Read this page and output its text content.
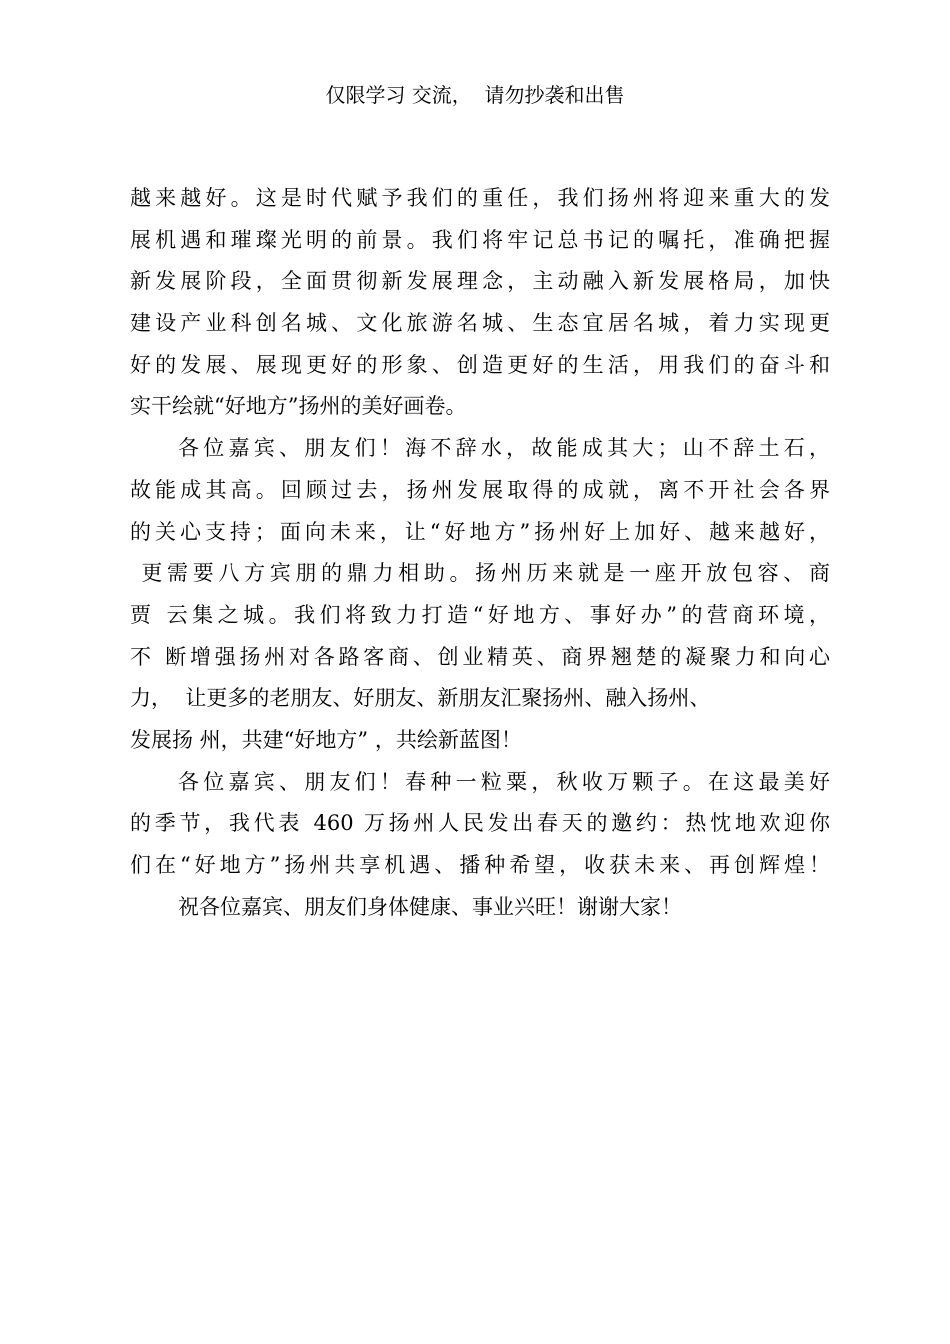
仅限学习 交流，  请勿抄袭和出售
越来越好。这是时代赋予我们的重任，我们扬州将迎来重大的发
展机遇和璀璨光明的前景。我们将牢记总书记的嘱托，准确把握
新发展阶段，全面贯彻新发展理念，主动融入新发展格局，加快
建设产业科创名城、文化旅游名城、生态宜居名城，着力实现更
好的发展、展现更好的形象、创造更好的生活，用我们的奋斗和
实干绘就“好地方”扬州的美好画卷。
各位嘉宾、朋友们！海不辞水，故能成其大；山不辞土石，
故能成其高。回顾过去，扬州发展取得的成就，离不开社会各界
的关心支持；面向未来，让“好地方”扬州好上加好、越来越好，
更需要八方宾朋的鼎力相助。扬州历来就是一座开放包容、商
贾 云集之城。我们将致力打造“好地方、事好办”的营商环境，
不 断增强扬州对各路客商、创业精英、商界翘楚的凝聚力和向心
力，  让更多的老朋友、好朋友、新朋友汇聚扬州、融入扬州、
发展扬 州，共建“好地方” ，共绘新蓝图！
各位嘉宾、朋友们！春种一粒粟，秋收万颗子。在这最美好
的季节，我代表 460 万扬州人民发出春天的邀约：热忱地欢迎你
们在“好地方”扬州共享机遇、播种希望，收获未来、再创辉煌！
祝各位嘉宾、朋友们身体健康、事业兴旺！谢谢大家！
